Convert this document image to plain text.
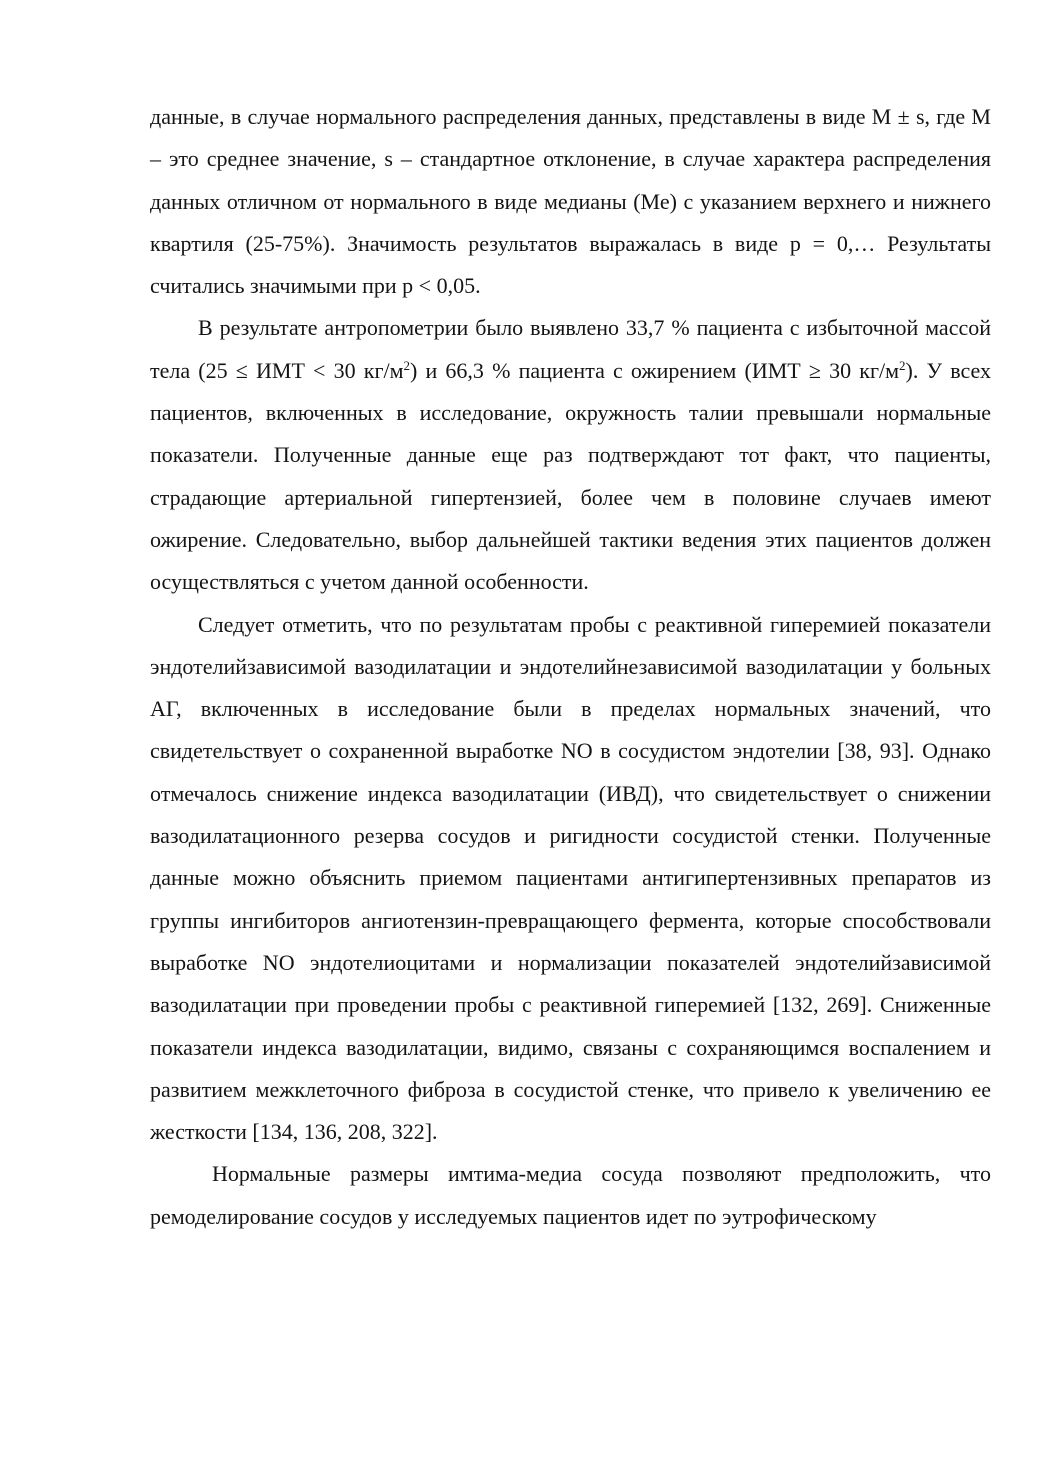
данные, в случае нормального распределения данных, представлены в виде M ± s, где M – это среднее значение, s – стандартное отклонение, в случае характера распределения данных отличном от нормального в виде медианы (Ме) с указанием верхнего и нижнего квартиля (25-75%). Значимость результатов выражалась в виде р = 0,… Результаты считались значимыми при р < 0,05.

В результате антропометрии было выявлено 33,7 % пациента с избыточной массой тела (25 ≤ ИМТ < 30 $кг/м^2$) и 66,3 % пациента с ожирением (ИМТ ≥ 30 $кг/м^2$). У всех пациентов, включенных в исследование, окружность талии превышали нормальные показатели. Полученные данные еще раз подтверждают тот факт, что пациенты, страдающие артериальной гипертензией, более чем в половине случаев имеют ожирение. Следовательно, выбор дальнейшей тактики ведения этих пациентов должен осуществляться с учетом данной особенности.

Следует отметить, что по результатам пробы с реактивной гиперемией показатели эндотелийзависимой вазодилатации и эндотелийнезависимой вазодилатации у больных АГ, включенных в исследование были в пределах нормальных значений, что свидетельствует о сохраненной выработке NO в сосудистом эндотелии [38, 93]. Однако отмечалось снижение индекса вазодилатации (ИВД), что свидетельствует о снижении вазодилатационного резерва сосудов и ригидности сосудистой стенки. Полученные данные можно объяснить приемом пациентами антигипертензивных препаратов из группы ингибиторов ангиотензин-превращающего фермента, которые способствовали выработке NO эндотелиоцитами и нормализации показателей эндотелийзависимой вазодилатации при проведении пробы с реактивной гиперемией [132, 269]. Сниженные показатели индекса вазодилатации, видимо, связаны с сохраняющимся воспалением и развитием межклеточного фиброза в сосудистой стенке, что привело к увеличению ее жесткости [134, 136, 208, 322].

Нормальные размеры имтима-медиа сосуда позволяют предположить, что ремоделирование сосудов у исследуемых пациентов идет по эутрофическому
